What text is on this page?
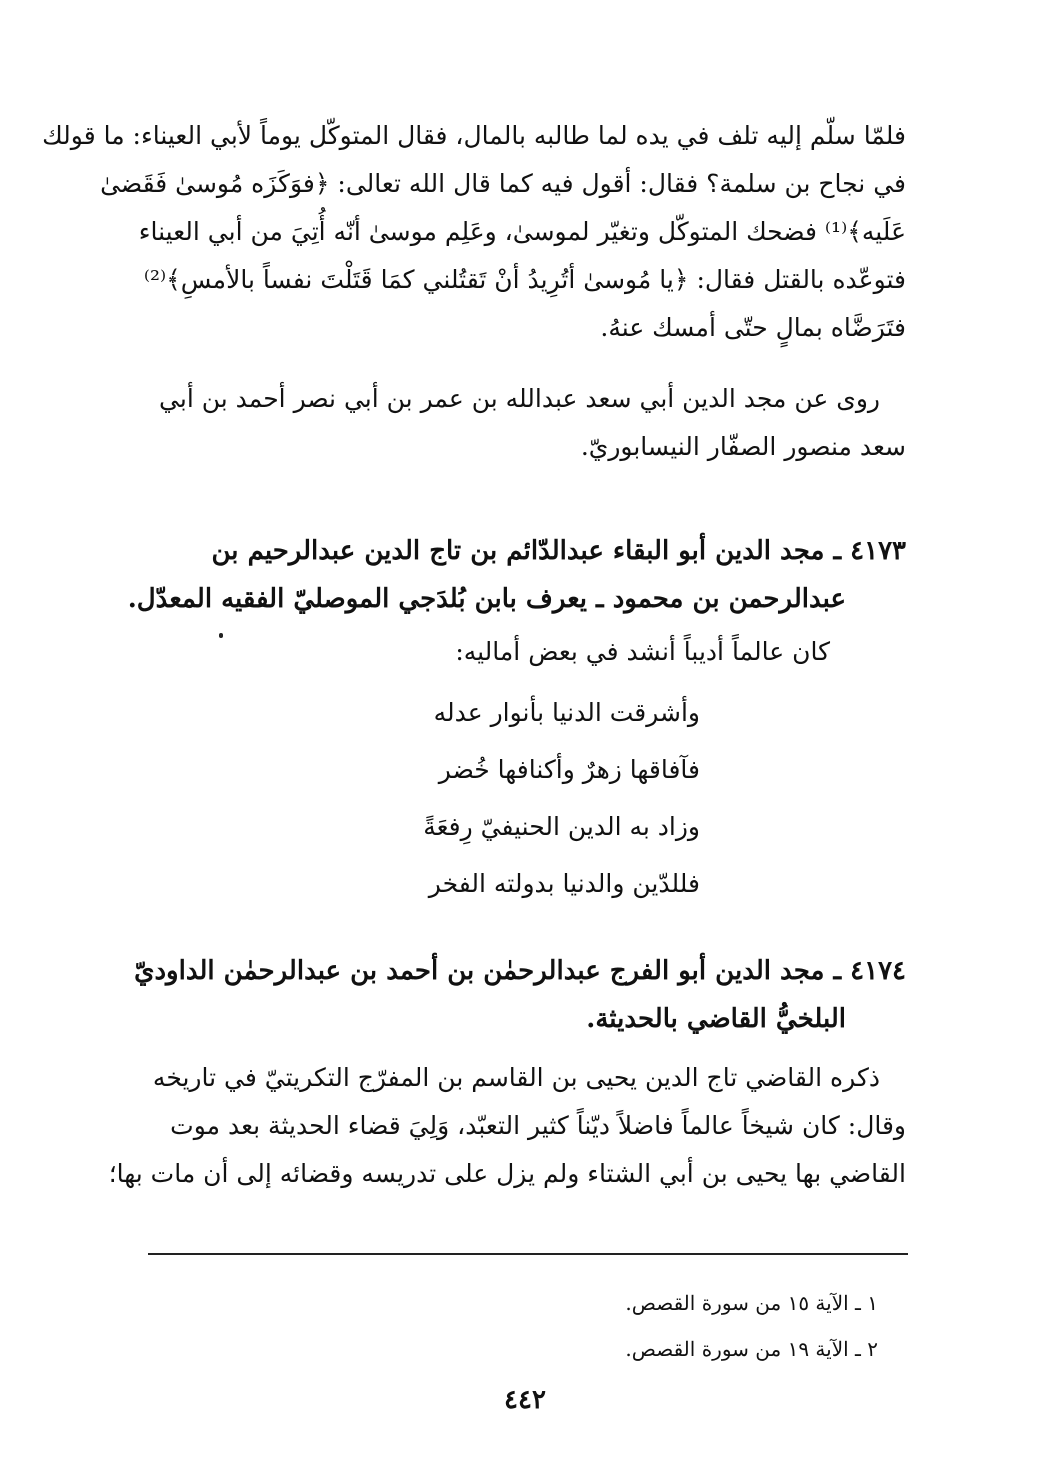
فلمّا سلّم إليه تلف في يده لما طالبه بالمال، فقال المتوكّل يوماً لأبي العيناء: ما قولك
في نجاح بن سلمة؟ فقال: أقول فيه كما قال الله تعالى: ﴿فوَكَزَه مُوسىٰ فَقَضىٰ
عَلَيه﴾⁽¹⁾ فضحك المتوكّل وتغيّر لموسىٰ، وعَلِم موسىٰ أنّه أُتِيَ من أبي العيناء
فتوعّده بالقتل فقال: ﴿يا مُوسىٰ أتُرِيدُ أنْ تَقتُلني كمَا قَتَلْتَ نفساً بالأمسِ﴾⁽²⁾
فتَرَضَّاه بمالٍ حتّى أمسك عنهُ.
روى عن مجد الدين أبي سعد عبدالله بن عمر بن أبي نصر أحمد بن أبي
سعد منصور الصفّار النيسابوريّ.
٤١٧٣ ـ مجد الدين أبو البقاء عبدالدّائم بن تاج الدين عبدالرحيم بن
عبدالرحمن بن محمود ـ يعرف بابن بُلدَجي الموصليّ الفقيه المعدّل.
كان عالماً أديباً أنشد في بعض أماليه:
وأشرقت الدنيا بأنوار عدله
فآفاقها زهرٌ وأكنافها خُضر
وزاد به الدين الحنيفيّ رِفعَةً
فللدّين والدنيا بدولته الفخر
٤١٧٤ ـ مجد الدين أبو الفرج عبدالرحمٰن بن أحمد بن عبدالرحمٰن الداوديّ
البلخيُّ القاضي بالحديثة.
ذكره القاضي تاج الدين يحيى بن القاسم بن المفرّج التكريتيّ في تاريخه
وقال: كان شيخاً عالماً فاضلاً ديّناً كثير التعبّد، وَلِيَ قضاء الحديثة بعد موت
القاضي بها يحيى بن أبي الشتاء ولم يزل على تدريسه وقضائه إلى أن مات بها؛
١ ـ الآية ١٥ من سورة القصص.
٢ ـ الآية ١٩ من سورة القصص.
٤٤٢
